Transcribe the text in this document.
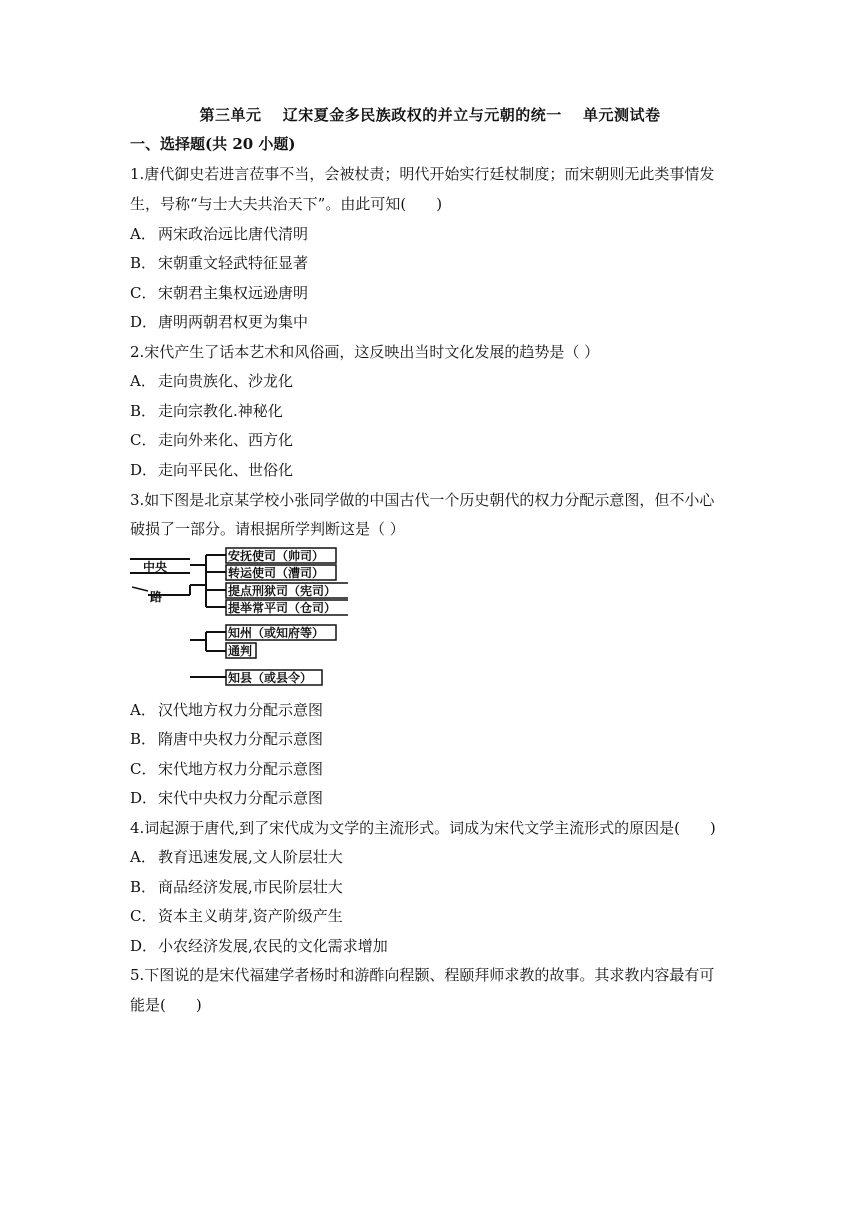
第三单元　 辽宋夏金多民族政权的并立与元朝的统一　 单元测试卷
一、选择题(共 20 小题)
1.唐代御史若进言莅事不当，会被杖责；明代开始实行廷杖制度；而宋朝则无此类事情发
生，号称“与士大夫共治天下”。由此可知(　　)
A． 两宋政治远比唐代清明
B． 宋朝重文轻武特征显著
C． 宋朝君主集权远逊唐明
D．唐明两朝君权更为集中
2.宋代产生了话本艺术和风俗画，这反映出当时文化发展的趋势是（ ）
A． 走向贵族化、沙龙化
B． 走向宗教化.神秘化
C． 走向外来化、西方化
D．走向平民化、世俗化
3.如下图是北京某学校小张同学做的中国古代一个历史朝代的权力分配示意图，但不小心
破损了一部分。请根据所学判断这是（ ）
中央
路
安抚使司（帅司）
转运使司（漕司）
提点刑狱司（宪司）
提举常平司（仓司）
知州（或知府等）
通判
知县（或县令）
A． 汉代地方权力分配示意图
B． 隋唐中央权力分配示意图
C． 宋代地方权力分配示意图
D．宋代中央权力分配示意图
4.词起源于唐代,到了宋代成为文学的主流形式。词成为宋代文学主流形式的原因是(　　)
A． 教育迅速发展,文人阶层壮大
B． 商品经济发展,市民阶层壮大
C． 资本主义萌芽,资产阶级产生
D．小农经济发展,农民的文化需求增加
5.下图说的是宋代福建学者杨时和游酢向程颢、程颐拜师求教的故事。其求教内容最有可
能是(　　)
